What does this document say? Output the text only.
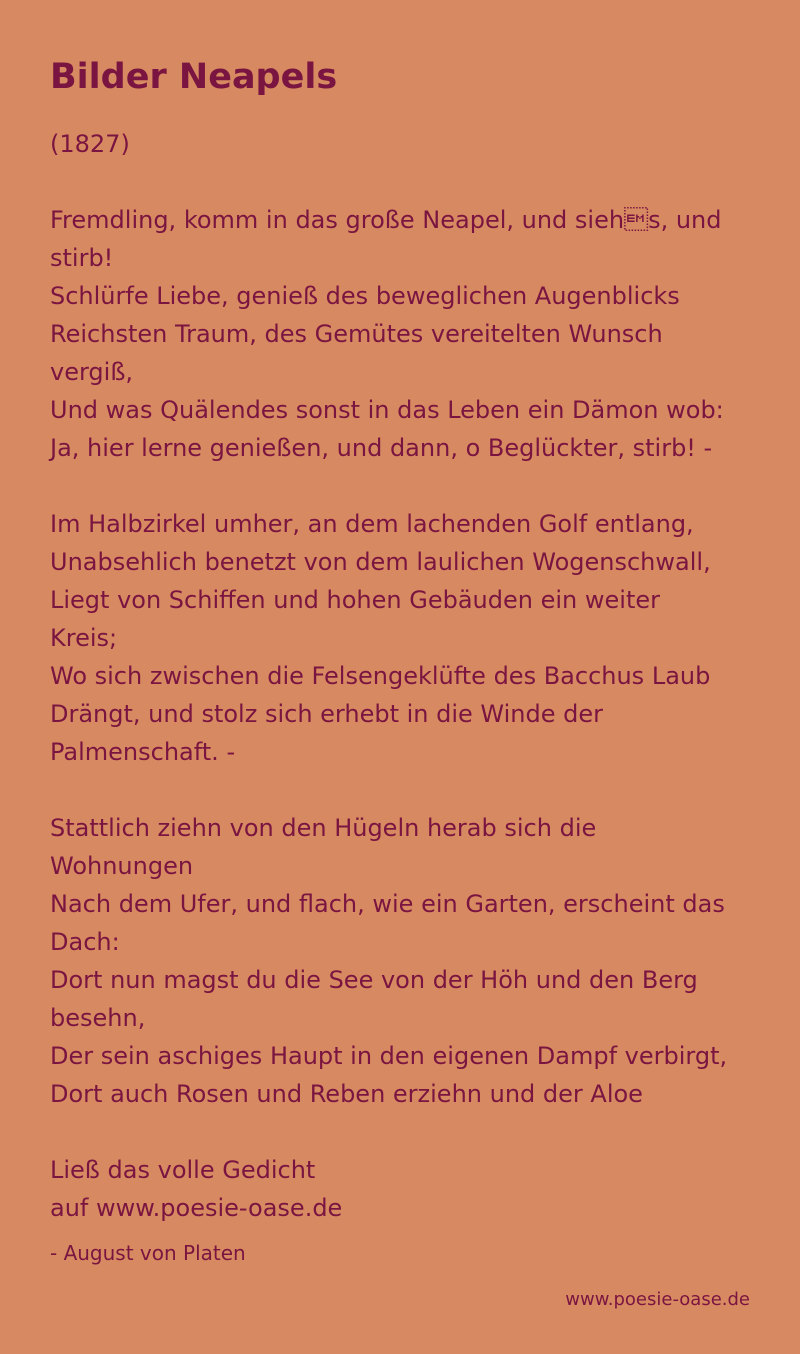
Bilder Neapels
(1827)
Fremdling, komm in das große Neapel, und siehs, und
stirb!
Schlürfe Liebe, genieß des beweglichen Augenblicks
Reichsten Traum, des Gemütes vereitelten Wunsch
vergiß,
Und was Quälendes sonst in das Leben ein Dämon wob:
Ja, hier lerne genießen, und dann, o Beglückter, stirb! -
Im Halbzirkel umher, an dem lachenden Golf entlang,
Unabsehlich benetzt von dem laulichen Wogenschwall,
Liegt von Schiffen und hohen Gebäuden ein weiter
Kreis;
Wo sich zwischen die Felsengeklüfte des Bacchus Laub
Drängt, und stolz sich erhebt in die Winde der
Palmenschaft. -
Stattlich ziehn von den Hügeln herab sich die
Wohnungen
Nach dem Ufer, und flach, wie ein Garten, erscheint das
Dach:
Dort nun magst du die See von der Höh und den Berg
besehn,
Der sein aschiges Haupt in den eigenen Dampf verbirgt,
Dort auch Rosen und Reben erziehn und der Aloe
Ließ das volle Gedicht
auf www.poesie-oase.de
- August von Platen
www.poesie-oase.de
